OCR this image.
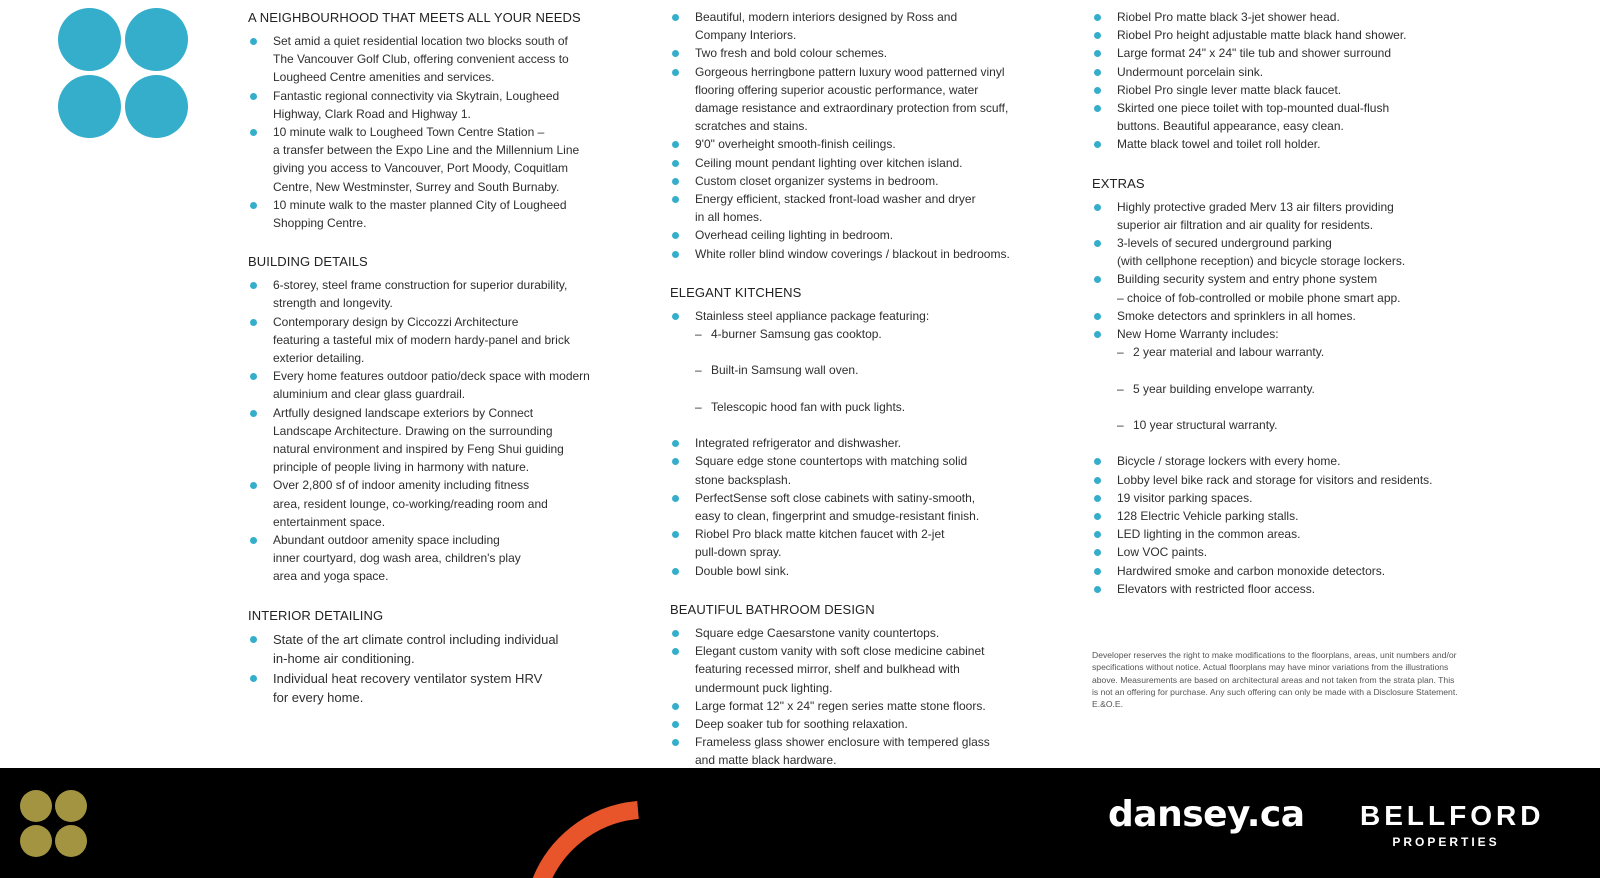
A NEIGHBOURHOOD THAT MEETS ALL YOUR NEEDS
Set amid a quiet residential location two blocks south of
The Vancouver Golf Club, offering convenient access to
Lougheed Centre amenities and services.
Fantastic regional connectivity via Skytrain, Lougheed
Highway, Clark Road and Highway 1.
10 minute walk to Lougheed Town Centre Station –
a transfer between the Expo Line and the Millennium Line
giving you access to Vancouver, Port Moody, Coquitlam
Centre, New Westminster, Surrey and South Burnaby.
10 minute walk to the master planned City of Lougheed
Shopping Centre.
BUILDING DETAILS
6-storey, steel frame construction for superior durability,
strength and longevity.
Contemporary design by Ciccozzi Architecture
featuring a tasteful mix of modern hardy-panel and brick
exterior detailing.
Every home features outdoor patio/deck space with modern
aluminium and clear glass guardrail.
Artfully designed landscape exteriors by Connect
Landscape Architecture. Drawing on the surrounding
natural environment and inspired by Feng Shui guiding
principle of people living in harmony with nature.
Over 2,800 sf of indoor amenity including fitness
area, resident lounge, co-working/reading room and
entertainment space.
Abundant outdoor amenity space including
inner courtyard, dog wash area, children's play
area and yoga space.
INTERIOR DETAILING
State of the art climate control including individual
in-home air conditioning.
Individual heat recovery ventilator system HRV
for every home.
Beautiful, modern interiors designed by Ross and
Company Interiors.
Two fresh and bold colour schemes.
Gorgeous herringbone pattern luxury wood patterned vinyl
flooring offering superior acoustic performance, water
damage resistance and extraordinary protection from scuff,
scratches and stains.
9'0" overheight smooth-finish ceilings.
Ceiling mount pendant lighting over kitchen island.
Custom closet organizer systems in bedroom.
Energy efficient, stacked front-load washer and dryer
in all homes.
Overhead ceiling lighting in bedroom.
White roller blind window coverings / blackout in bedrooms.
ELEGANT KITCHENS
Stainless steel appliance package featuring:

– 4-burner Samsung gas cooktop.

– Built-in Samsung wall oven.

– Telescopic hood fan with puck lights.

Integrated refrigerator and dishwasher.
Square edge stone countertops with matching solid
stone backsplash.
PerfectSense soft close cabinets with satiny-smooth,
easy to clean, fingerprint and smudge-resistant finish.
Riobel Pro black matte kitchen faucet with 2-jet
pull-down spray.
Double bowl sink.
BEAUTIFUL BATHROOM DESIGN
Square edge Caesarstone vanity countertops.
Elegant custom vanity with soft close medicine cabinet
featuring recessed mirror, shelf and bulkhead with
undermount puck lighting.
Large format 12" x 24" regen series matte stone floors.
Deep soaker tub for soothing relaxation.
Frameless glass shower enclosure with tempered glass
and matte black hardware.
Riobel Pro matte black 3-jet shower head.
Riobel Pro height adjustable matte black hand shower.
Large format 24" x 24" tile tub and shower surround
Undermount porcelain sink.
Riobel Pro single lever matte black faucet.
Skirted one piece toilet with top-mounted dual-flush
buttons. Beautiful appearance, easy clean.
Matte black towel and toilet roll holder.
EXTRAS
Highly protective graded Merv 13 air filters providing
superior air filtration and air quality for residents.
3-levels of secured underground parking
(with cellphone reception) and bicycle storage lockers.
Building security system and entry phone system
– choice of fob-controlled or mobile phone smart app.
Smoke detectors and sprinklers in all homes.
New Home Warranty includes:

– 2 year material and labour warranty.

– 5 year building envelope warranty.

– 10 year structural warranty.

Bicycle / storage lockers with every home.
Lobby level bike rack and storage for visitors and residents.
19 visitor parking spaces.
128 Electric Vehicle parking stalls.
LED lighting in the common areas.
Low VOC paints.
Hardwired smoke and carbon monoxide detectors.
Elevators with restricted floor access.
Developer reserves the right to make modifications to the floorplans, areas, unit numbers and/or specifications without notice. Actual floorplans may have minor variations from the illustrations above. Measurements are based on architectural areas and not taken from the strata plan. This is not an offering for purchase. Any such offering can only be made with a Disclosure Statement. E.&O.E.
dansey.ca BELLFORD
PROPERTIES
